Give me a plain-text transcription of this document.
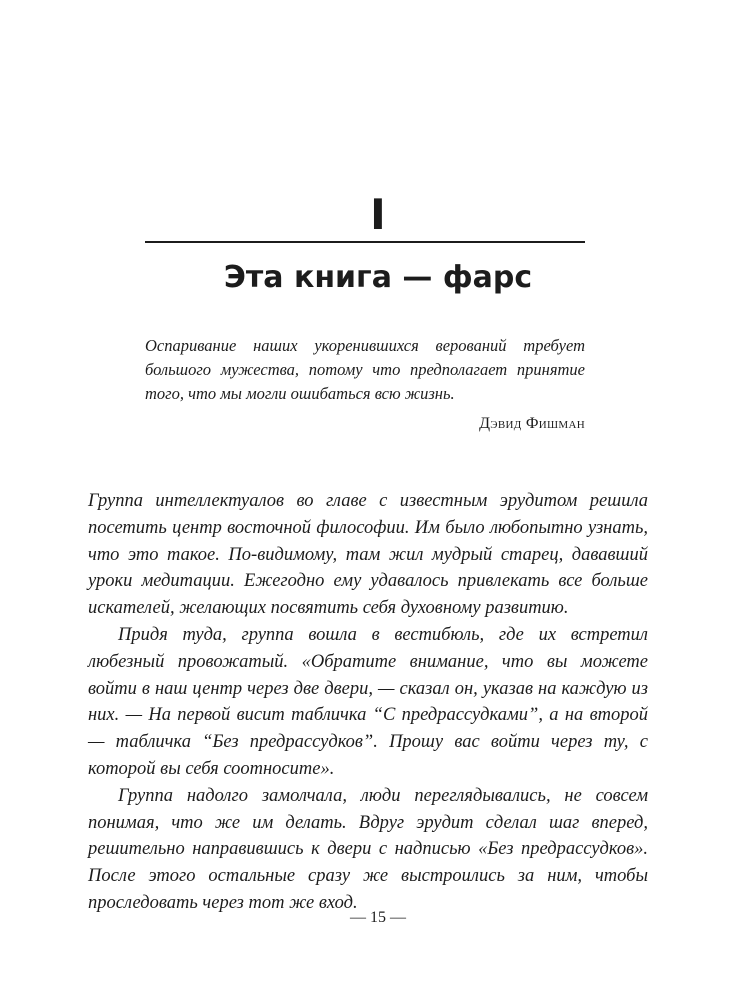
I
Эта книга — фарс

Оспаривание наших укоренившихся верований требует большого мужества, потому что предполагает принятие того, что мы могли ошибаться всю жизнь.

Дэвид Фишман

Группа интеллектуалов во главе с известным эрудитом решила посетить центр восточной философии. Им было любопытно узнать, что это такое. По-видимому, там жил мудрый старец, дававший уроки медитации. Ежегодно ему удавалось привлекать все больше искателей, желающих посвятить себя духовному развитию.

Придя туда, группа вошла в вестибюль, где их встретил любезный провожатый. «Обратите внимание, что вы можете войти в наш центр через две двери, — сказал он, указав на каждую из них. — На первой висит табличка “С предрассудками”, а на второй — табличка “Без предрассудков”. Прошу вас войти через ту, с которой вы себя соотносите».

Группа надолго замолчала, люди переглядывались, не совсем понимая, что же им делать. Вдруг эрудит сделал шаг вперед, решительно направившись к двери с надписью «Без предрассудков». После этого остальные сразу же выстроились за ним, чтобы проследовать через тот же вход.

— 15 —
